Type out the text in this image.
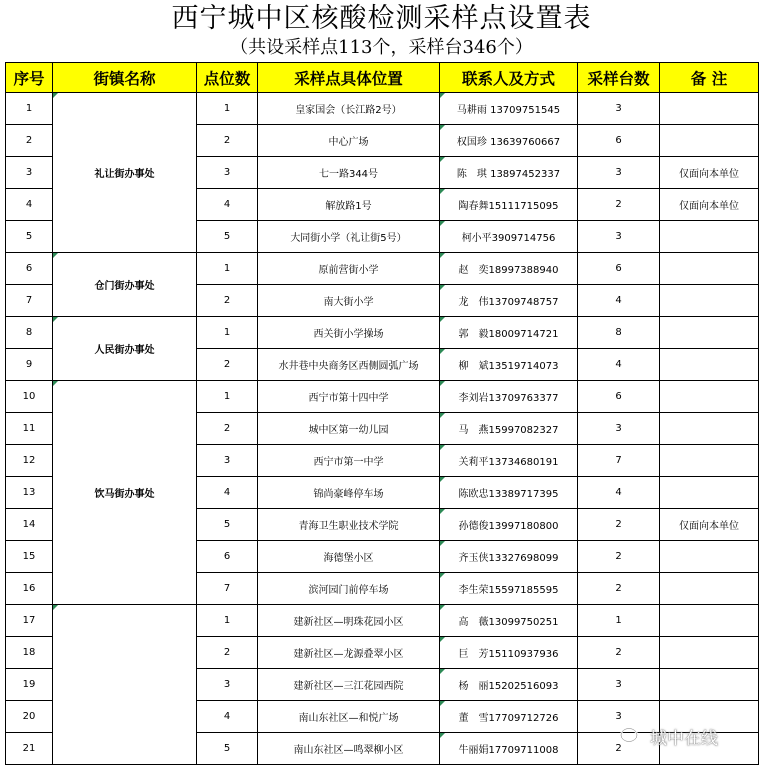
西宁城中区核酸检测采样点设置表
（共设采样点113个，采样台346个）
序号	街镇名称	点位数	采样点具体位置	联系人及方式	采样台数	备 注
1	礼让街办事处	1	皇家国会（长江路2号）	马耕雨 13709751545	3	
2		2	中心广场	权国珍 13639760667	6	
3		3	七一路344号	陈　琪 13897452337	3	仅面向本单位
4		4	解放路1号	陶春舞15111715095	2	仅面向本单位
5		5	大同街小学（礼让街5号）	柯小平3909714756	3	
6	仓门街办事处	1	原前营街小学	赵　奕18997388940	6	
7		2	南大街小学	龙　伟13709748757	4	
8	人民街办事处	1	西关街小学操场	郭　毅18009714721	8	
9		2	水井巷中央商务区西侧圆弧广场	柳　斌13519714073	4	
10	饮马街办事处	1	西宁市第十四中学	李刘岩13709763377	6	
11		2	城中区第一幼儿园	马　燕15997082327	3	
12		3	西宁市第一中学	关莉平13734680191	7	
13		4	锦尚豪峰停车场	陈欧忠13389717395	4	
14		5	青海卫生职业技术学院	孙德俊13997180800	2	仅面向本单位
15		6	海德堡小区	齐玉侠13327698099	2	
16		7	滨河园门前停车场	李生荣15597185595	2	
17		1	建新社区—明珠花园小区	高　薇13099750251	1	
18		2	建新社区—龙源叠翠小区	巨　芳15110937936	2	
19		3	建新社区—三江花园西院	杨　丽15202516093	3	
20		4	南山东社区—和悦广场	董　雪17709712726	3	
21		5	南山东社区—鸣翠柳小区	牛丽娟17709711008	2	城中在线
